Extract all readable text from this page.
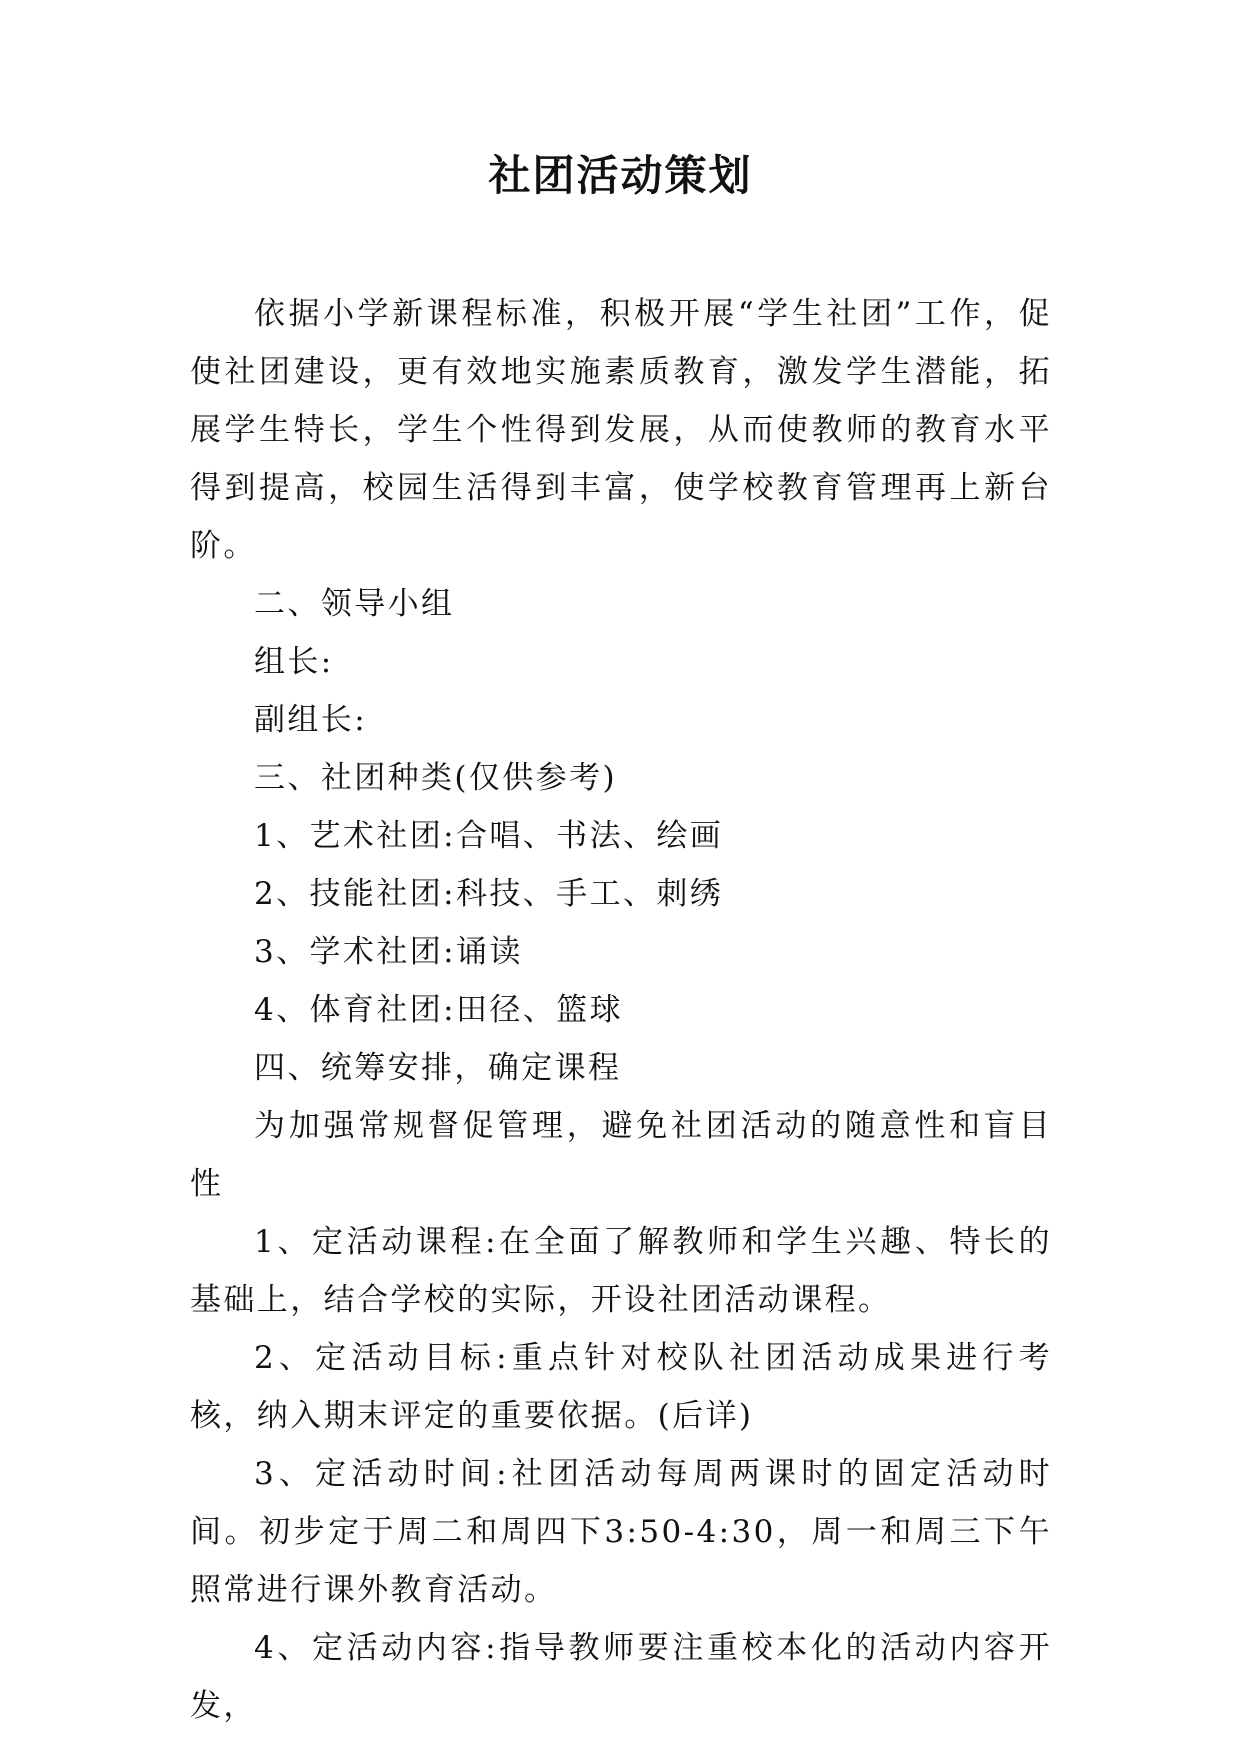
社团活动策划

依据小学新课程标准，积极开展“学生社团”工作，促使社团建设，更有效地实施素质教育，激发学生潜能，拓展学生特长，学生个性得到发展，从而使教师的教育水平得到提高，校园生活得到丰富，使学校教育管理再上新台阶。

二、领导小组

组长:

副组长:

三、社团种类(仅供参考)

1、艺术社团:合唱、书法、绘画

2、技能社团:科技、手工、刺绣

3、学术社团:诵读

4、体育社团:田径、篮球

四、统筹安排，确定课程

为加强常规督促管理，避免社团活动的随意性和盲目性

1、定活动课程:在全面了解教师和学生兴趣、特长的基础上，结合学校的实际，开设社团活动课程。

2、定活动目标:重点针对校队社团活动成果进行考核，纳入期末评定的重要依据。(后详)

3、定活动时间:社团活动每周两课时的固定活动时间。初步定于周二和周四下3:50-4:30，周一和周三下午照常进行课外教育活动。

4、定活动内容:指导教师要注重校本化的活动内容开发，
